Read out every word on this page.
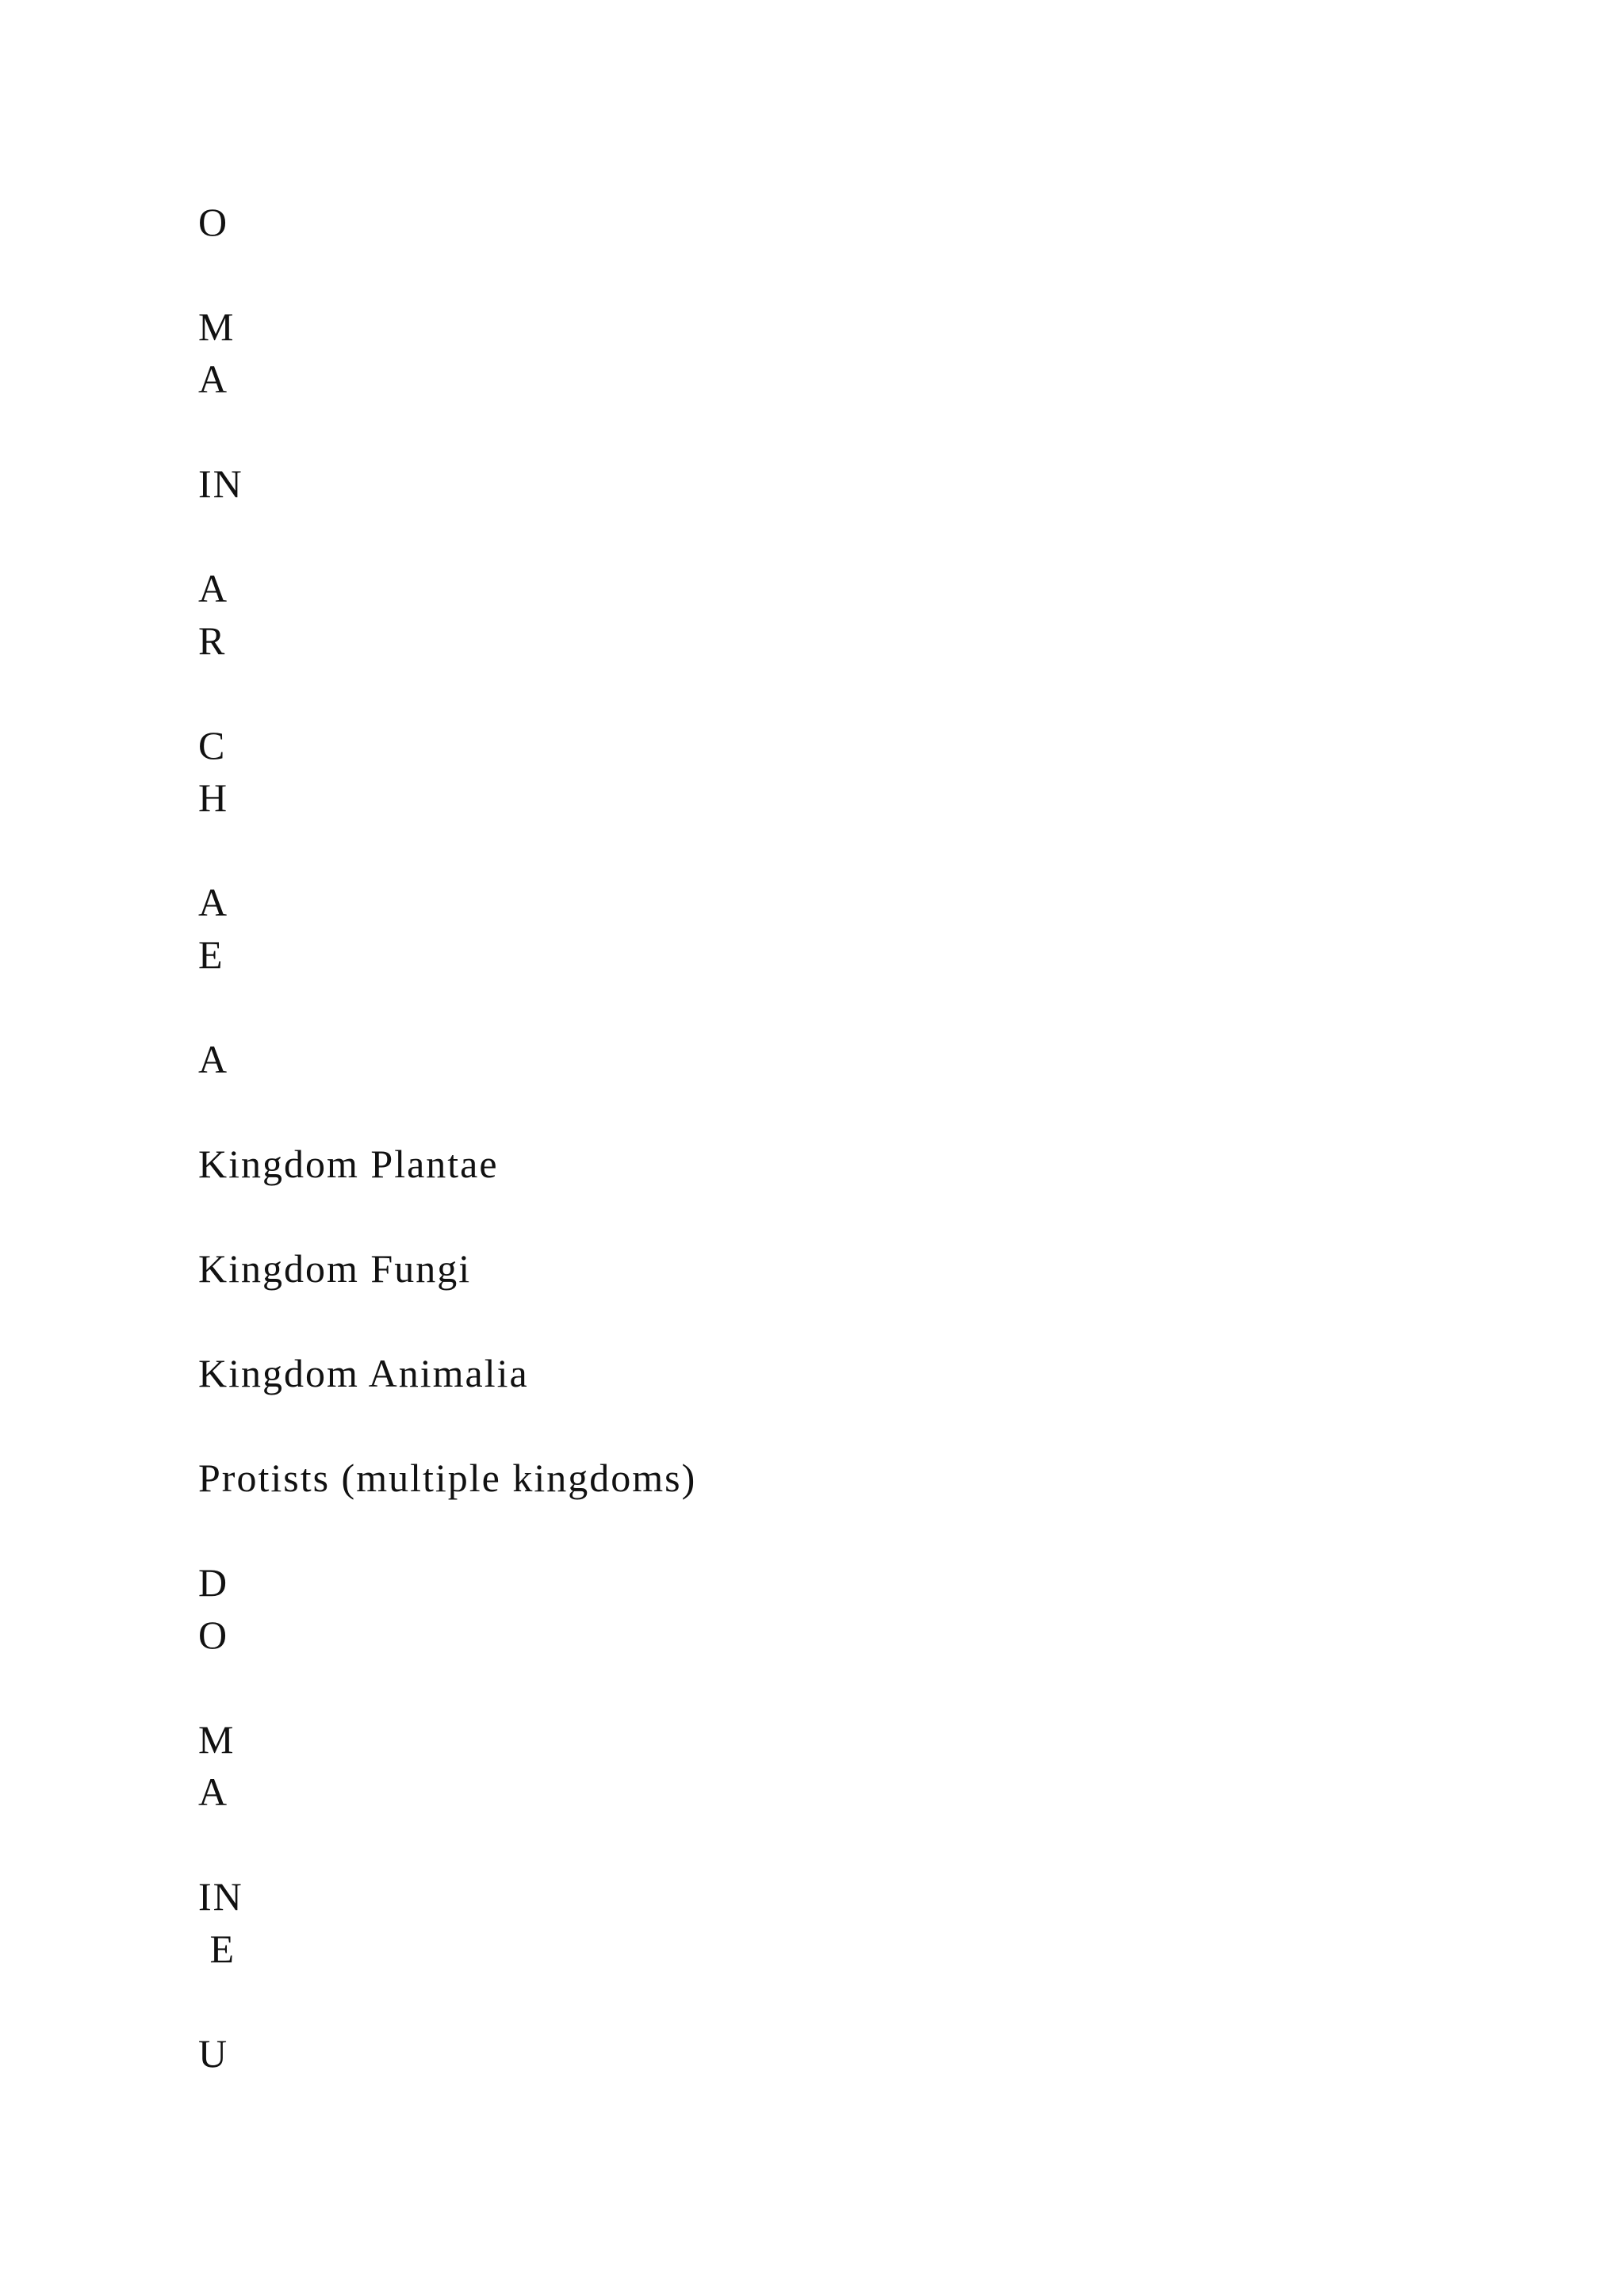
O

M

A

IN

A

R

C

H

A

E

A

Kingdom Plantae

Kingdom Fungi

Kingdom Animalia

Protists (multiple kingdoms)

D

O

M

A

IN

E

U
